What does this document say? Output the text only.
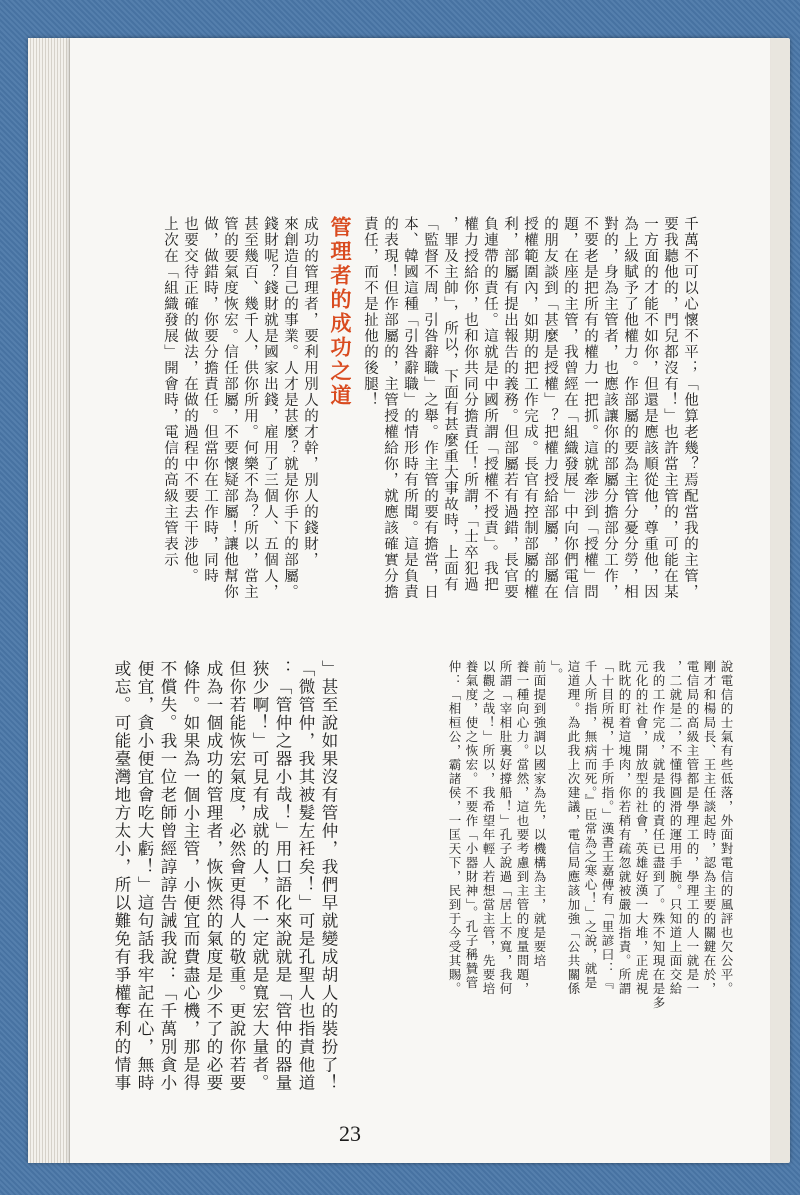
千萬不可以心懷不平；「他算老幾？焉配當我的主管，

要我聽他的，門兒都沒有！」也許當主管的，可能在某

一方面的才能不如你，但還是應該順從他，尊重他，因

為上級賦予了他權力。作部屬的要為主管分憂分勞，相

對的，身為主管者，也應該讓你的部屬分擔部分工作，

不要老是把所有的權力一把抓。這就牽涉到「授權」問

題，在座的主管，我曾經在「組織發展」中向你們電信

的朋友談到「甚麼是授權」？把權力授給部屬，部屬在

授權範圍內，如期的把工作完成。長官有控制部屬的權

利，部屬有提出報告的義務。但部屬若有過錯，長官要

負連帶的責任。這就是中國所謂「授權不授責」。我把

權力授給你，也和你共同分擔責任！所謂，「士卒犯過

，罪及主帥」，所以，下面有甚麼重大事故時，上面有

「監督不周，引咎辭職」之舉。作主管的要有擔當，日

本、韓國這種「引咎辭職」的情形時有所聞。這是負責

的表現！但作部屬的，主管授權給你，就應該確實分擔

責任，而不是扯他的後腿！

管理者的成功之道

成功的管理者，要利用別人的才幹，別人的錢財，

來創造自己的事業。人才是甚麼？就是你手下的部屬。

錢財呢？錢財就是國家出錢，雇用了三個人、五個人，

甚至幾百、幾千人，供你所用。何樂不為？所以，當主

管的要氣度恢宏。信任部屬，不要懷疑部屬！讓他幫你

做，做錯時，你要分擔責任。但當你在工作時，同時

也要交待正確的做法，在做的過程中不要去干涉他。

上次在「組織發展」開會時，電信的高級主管表示

說電信的士氣有些低落，外面對電信的風評也欠公平。

剛才和楊局長、王主任談起時，認為主要的關鍵在於，

電信局的高級主管都是學理工的，學理工的人一就是一

，二就是二，不懂得圓滑的運用手腕。只知道上面交給

我的工作完成，就是我的責任已盡到了。殊不知現在是多

元化的社會，開放型的社會，英雄好漢一大堆，正虎視

眈眈的盯着這塊肉，你若稍有疏忽就被嚴加指責。所謂

「十目所視，十手所指。」漢書王嘉傳有「里諺曰：『

千人所指，無病而死。』臣常為之寒心！」之說，就是

這道理。為此我上次建議，電信局應該加強「公共關係

」。

前面提到強調以國家為先，以機構為主，就是要培

養一種向心力。當然，這也要考慮到主管的度量問題，

所謂「宰相肚裏好撐船！」孔子說過「居上不寬，我何

以觀之哉！」所以，我希望年輕人若想當主管，先要培

養氣度，使之恢宏。不要作「小器財神」。孔子稱贊管

仲：「相桓公，霸諸侯，一匡天下，民到于今受其賜。

」甚至說如果沒有管仲，我們早就變成胡人的裝扮了！

「微管仲，我其被髮左衽矣！」可是孔聖人也指責他道

：「管仲之器小哉！」用口語化來說就是「管仲的器量

狹少啊！」可見有成就的人，不一定就是寬宏大量者。

但你若能恢宏氣度，必然會更得人的敬重。更說你若要

成為一個成功的管理者，恢恢然的氣度是少不了的必要

條件。如果為一個小主管，小便宜而費盡心機，那是得

不償失。我一位老師曾經諄諄告誡我說：「千萬別貪小

便宜，貪小便宜會吃大虧！」這句話我牢記在心，無時

或忘。可能臺灣地方太小，所以難免有爭權奪利的情事

23
